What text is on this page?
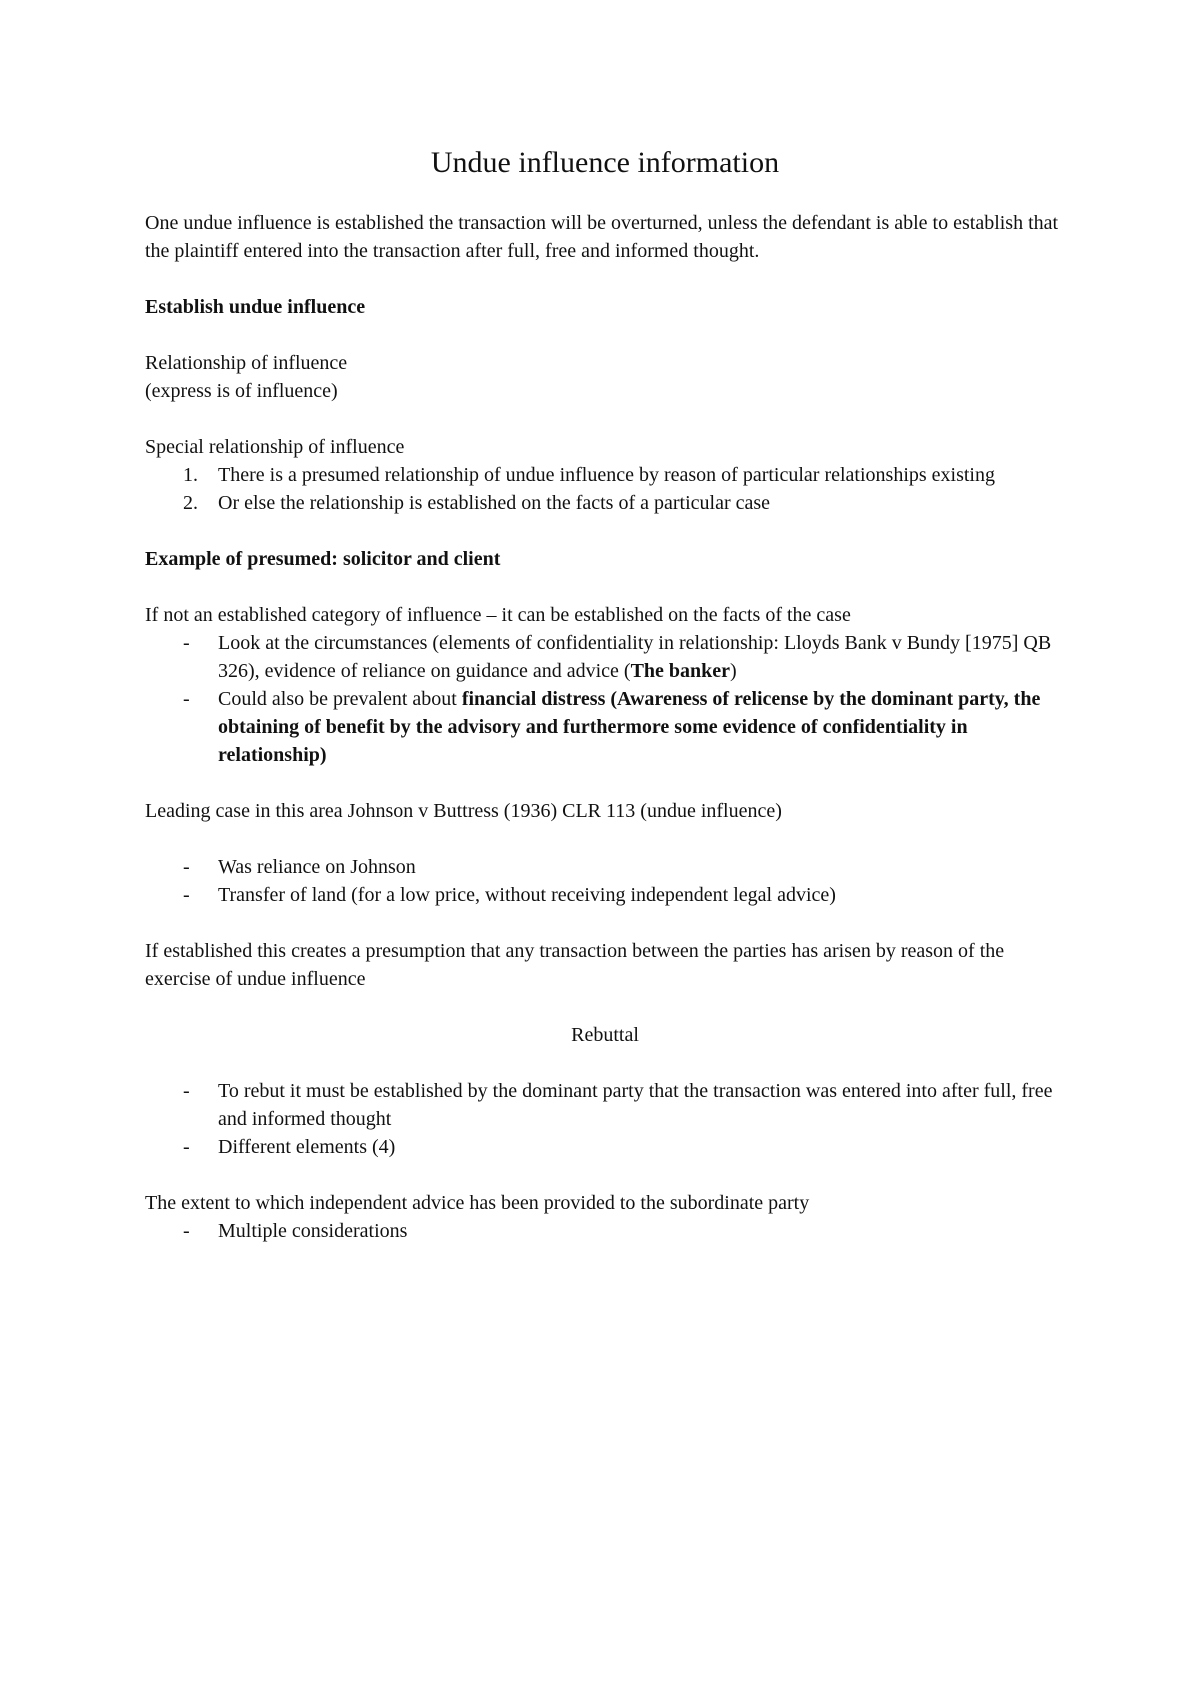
Undue influence information

One undue influence is established the transaction will be overturned, unless the defendant is able to establish that the plaintiff entered into the transaction after full, free and informed thought.

Establish undue influence

Relationship of influence

(express is of influence)

Special relationship of influence

1. There is a presumed relationship of undue influence by reason of particular relationships existing
2. Or else the relationship is established on the facts of a particular case

Example of presumed: solicitor and client

If not an established category of influence – it can be established on the facts of the case

- Look at the circumstances (elements of confidentiality in relationship: Lloyds Bank v Bundy [1975] QB 326), evidence of reliance on guidance and advice (The banker)
- Could also be prevalent about financial distress (Awareness of relicense by the dominant party, the obtaining of benefit by the advisory and furthermore some evidence of confidentiality in relationship)

Leading case in this area Johnson v Buttress (1936) CLR 113 (undue influence)

- Was reliance on Johnson
- Transfer of land (for a low price, without receiving independent legal advice)

If established this creates a presumption that any transaction between the parties has arisen by reason of the exercise of undue influence

Rebuttal

- To rebut it must be established by the dominant party that the transaction was entered into after full, free and informed thought
- Different elements (4)

The extent to which independent advice has been provided to the subordinate party

- Multiple considerations
